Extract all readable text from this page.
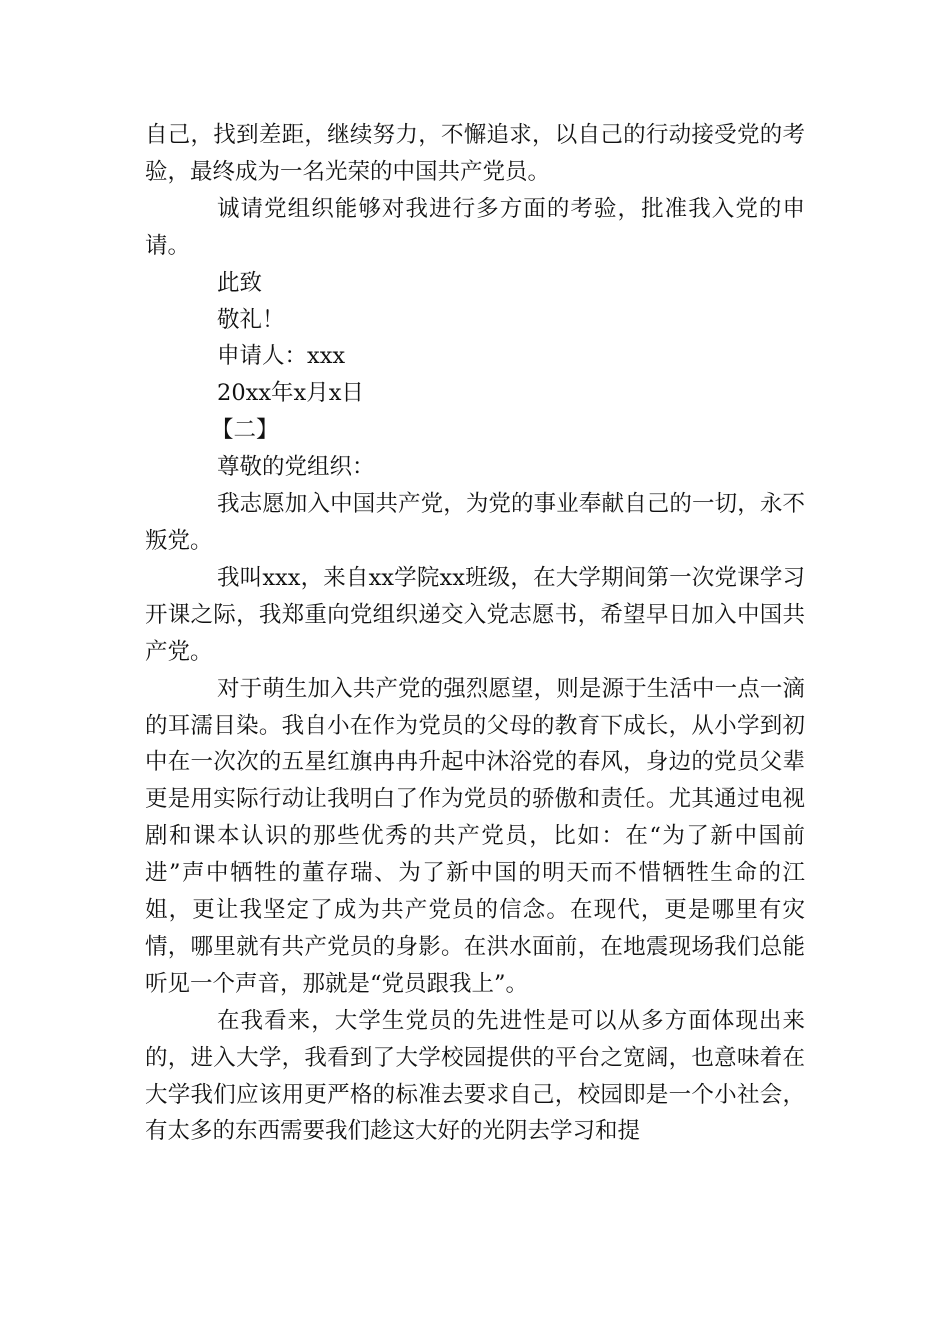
自己，找到差距，继续努力，不懈追求，以自己的行动接受党的考验，最终成为一名光荣的中国共产党员。

诚请党组织能够对我进行多方面的考验，批准我入党的申请。

此致

敬礼！

申请人：xxx

20xx年x月x日

【二】

尊敬的党组织：

我志愿加入中国共产党，为党的事业奉献自己的一切，永不叛党。

我叫xxx，来自xx学院xx班级，在大学期间第一次党课学习开课之际，我郑重向党组织递交入党志愿书，希望早日加入中国共产党。

对于萌生加入共产党的强烈愿望，则是源于生活中一点一滴的耳濡目染。我自小在作为党员的父母的教育下成长，从小学到初中在一次次的五星红旗冉冉升起中沐浴党的春风，身边的党员父辈更是用实际行动让我明白了作为党员的骄傲和责任。尤其通过电视剧和课本认识的那些优秀的共产党员，比如：在“为了新中国前进”声中牺牲的董存瑞、为了新中国的明天而不惜牺牲生命的江姐，更让我坚定了成为共产党员的信念。在现代，更是哪里有灾情，哪里就有共产党员的身影。在洪水面前，在地震现场我们总能听见一个声音，那就是“党员跟我上”。

在我看来，大学生党员的先进性是可以从多方面体现出来的，进入大学，我看到了大学校园提供的平台之宽阔，也意味着在大学我们应该用更严格的标准去要求自己，校园即是一个小社会，有太多的东西需要我们趁这大好的光阴去学习和提
